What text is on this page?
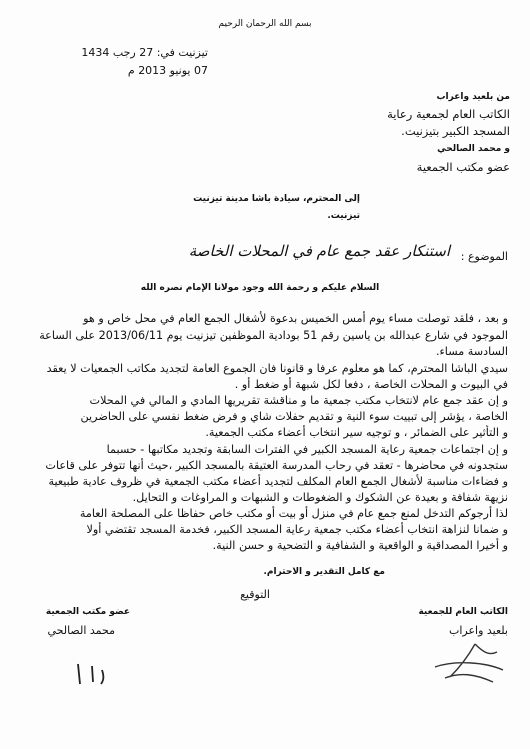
بسم الله الرحمان الرحيم
تيزنيت في: 27 رجب 1434
07 يونيو 2013 م
من بلعيد واعراب
الكاتب العام لجمعية رعاية
المسجد الكبير بتيزنيت.
و محمد الصالحي
عضو مكتب الجمعية
إلى المحترم، سيادة باشا مدينة تيزنيت
تيزنيت.
الموضوع :
استنكار عقد جمع عام في المحلات الخاصة
السلام عليكم و رحمة الله وجود مولانا الإمام نصره الله
و بعد ، فلقد توصلت مساء يوم أمس الخميس بدعوة لأشغال الجمع العام في محل خاص و هو
الموجود في شارع عبدالله بن ياسين رقم 51 بودادية الموظفين تيزنيت يوم 2013/06/11 على الساعة
السادسة مساء.
سيدي الباشا المحترم، كما هو معلوم عرفا و قانونا فان الجموع العامة لتجديد مكاتب الجمعيات لا يعقد
في البيوت و المحلات الخاصة ، دفعا لكل شبهة أو ضغط أو .
و إن عقد جمع عام لانتخاب مكتب جمعية ما و مناقشة تقريريها المادي و المالي في المحلات
الخاصة ، يؤشر إلى تبييت سوء النية و تقديم حفلات شاي و فرض ضغط نفسي على الحاضرين
و التأثير على الضمائر ، و توجيه سير انتخاب أعضاء مكتب الجمعية.
و إن اجتماعات جمعية رعاية المسجد الكبير في الفترات السابقة وتجديد مكاتبها - حسبما
ستجدونه في محاضرها - تعقد في رحاب المدرسة العتيقة بالمسجد الكبير ،حيث أنها تتوفر على قاعات
و فضاءات مناسبة لأشغال الجمع العام المكلف لتجديد أعضاء مكتب الجمعية في ظروف عادية طبيعية
نزيهة شفافة و بعيدة عن الشكوك و الضغوطات و الشبهات و المراوغات و التحايل.
لذا أرجوكم التدخل لمنع جمع عام في منزل أو بيت أو مكتب خاص حفاظا على المصلحة العامة
و ضمانا لنزاهة انتخاب أعضاء مكتب جمعية رعاية المسجد الكبير، فخدمة المسجد تقتضي أولا
و أخيرا المصداقية و الواقعية و الشفافية و التضحية و حسن النية.
مع كامل التقدير و الاحترام.
التوقيع
الكاتب العام للجمعية
بلعيد واعراب
عضو مكتب الجمعية
محمد الصالحي
